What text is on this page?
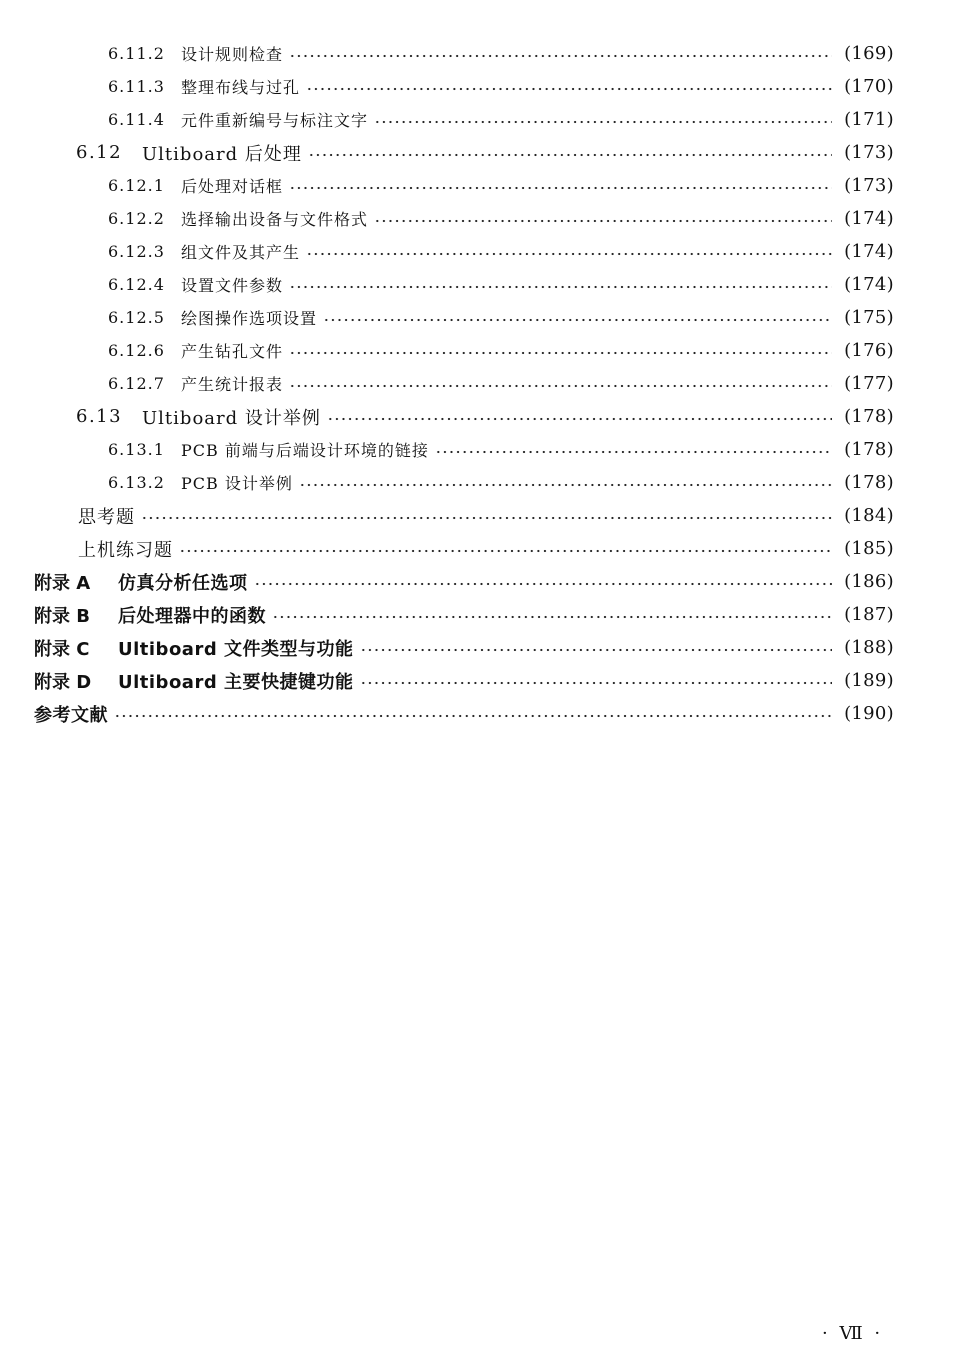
6.11.2	设计规则检查	(169)
6.11.3	整理布线与过孔	(170)
6.11.4	元件重新编号与标注文字	(171)
6.12	Ultiboard 后处理	(173)
6.12.1	后处理对话框	(173)
6.12.2	选择输出设备与文件格式	(174)
6.12.3	组文件及其产生	(174)
6.12.4	设置文件参数	(174)
6.12.5	绘图操作选项设置	(175)
6.12.6	产生钻孔文件	(176)
6.12.7	产生统计报表	(177)
6.13	Ultiboard 设计举例	(178)
6.13.1	PCB 前端与后端设计环境的链接	(178)
6.13.2	PCB 设计举例	(178)
思考题	(184)
上机练习题	(185)
附录 A	仿真分析任选项	(186)
附录 B	后处理器中的函数	(187)
附录 C	Ultiboard 文件类型与功能	(188)
附录 D	Ultiboard 主要快捷键功能	(189)
参考文献	(190)
· Ⅶ ·
